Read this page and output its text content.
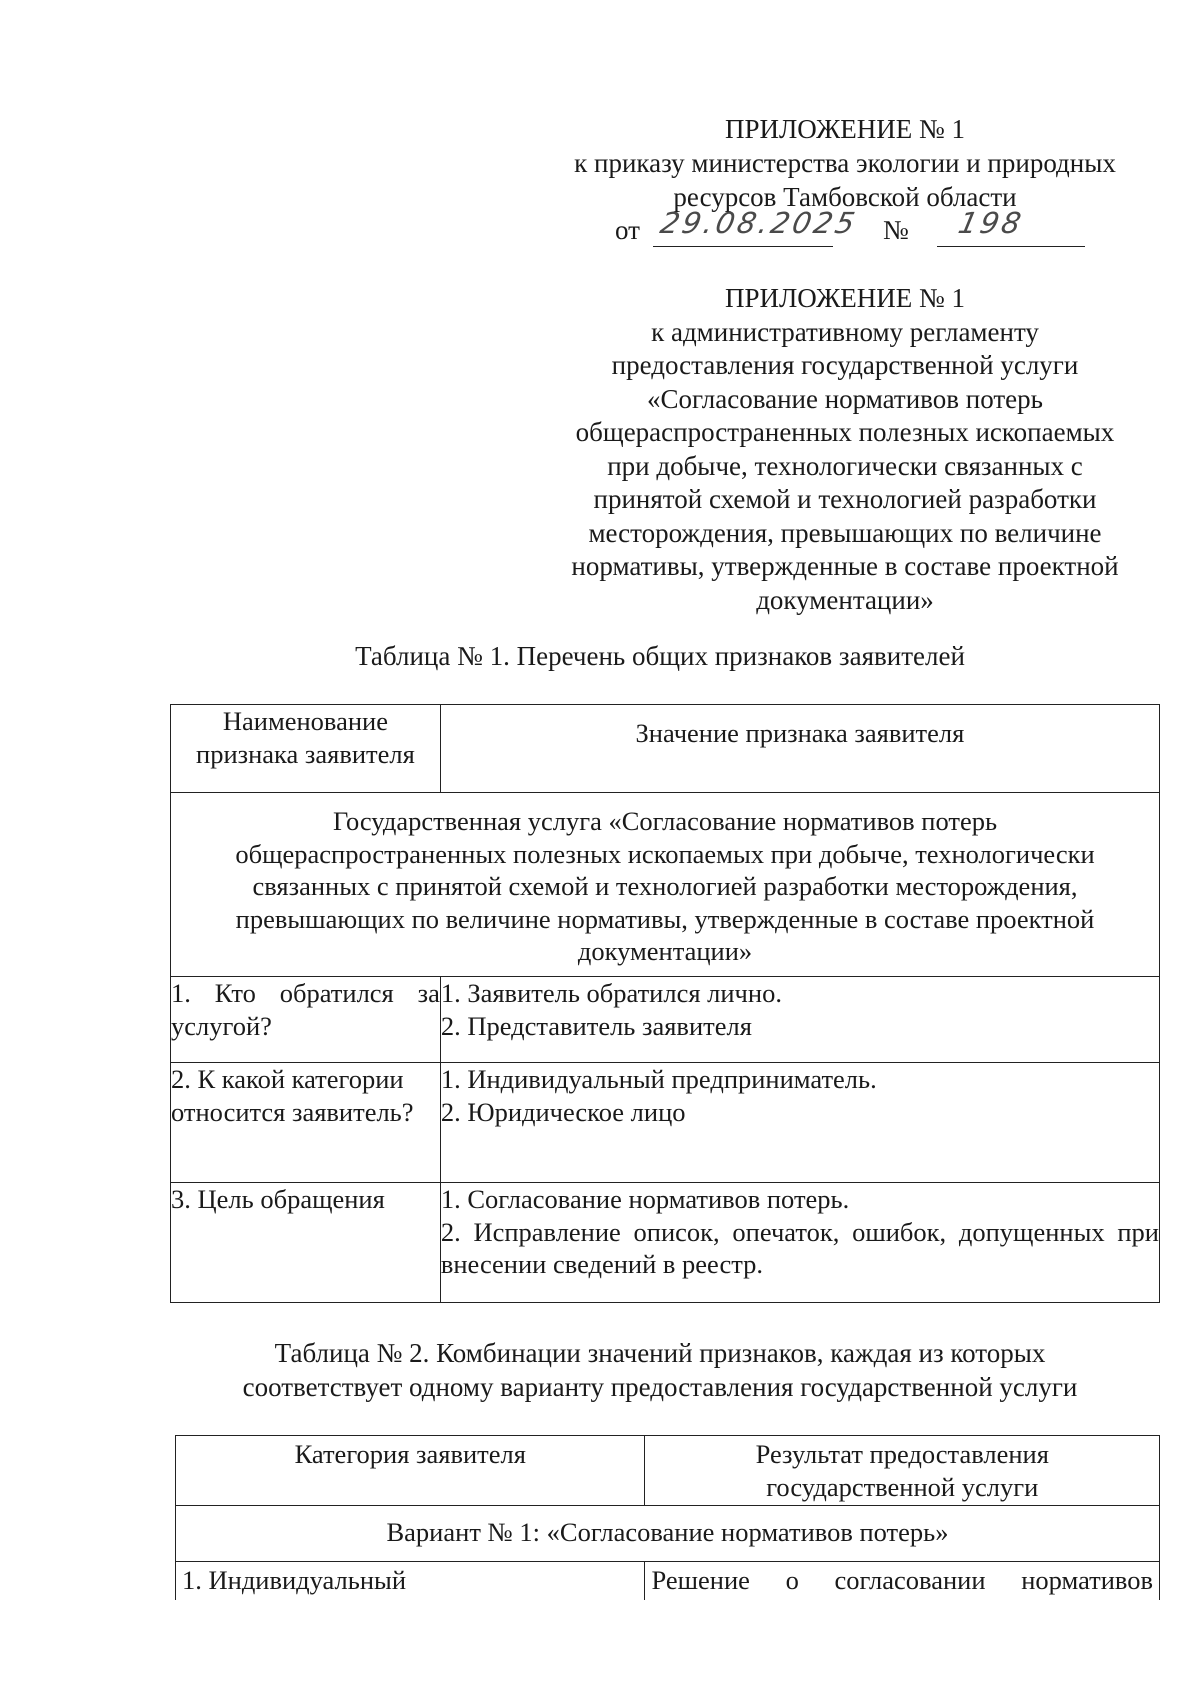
ПРИЛОЖЕНИЕ № 1
к приказу министерства экологии и природных
ресурсов Тамбовской области
от 29.08.2025 № 198
ПРИЛОЖЕНИЕ № 1
к административному регламенту
предоставления государственной услуги
«Согласование нормативов потерь
общераспространенных полезных ископаемых
при добыче, технологически связанных с
принятой схемой и технологией разработки
месторождения, превышающих по величине
нормативы, утвержденные в составе проектной
документации»
Таблица № 1. Перечень общих признаков заявителей
Наименование признака заявителя	Значение признака заявителя

Государственная услуга «Согласование нормативов потерь
общераспространенных полезных ископаемых при добыче, технологически
связанных с принятой схемой и технологией разработки месторождения,
превышающих по величине нормативы, утвержденные в составе проектной
документации»	

1. Кто обратился за услугой?	1. Заявитель обратился лично.
2. Представитель заявителя

2. К какой категории относится заявитель?	1. Индивидуальный предприниматель.
2. Юридическое лицо

3. Цель обращения	1. Согласование нормативов потерь.
2. Исправление описок, опечаток, ошибок, допущенных при внесении сведений в реестр.
Таблица № 2. Комбинации значений признаков, каждая из которых
соответствует одному варианту предоставления государственной услуги
Категория заявителя	Результат предоставления государственной услуги
Вариант № 1: «Согласование нормативов потерь»	
1. Индивидуальный	Решение о согласовании нормативов
